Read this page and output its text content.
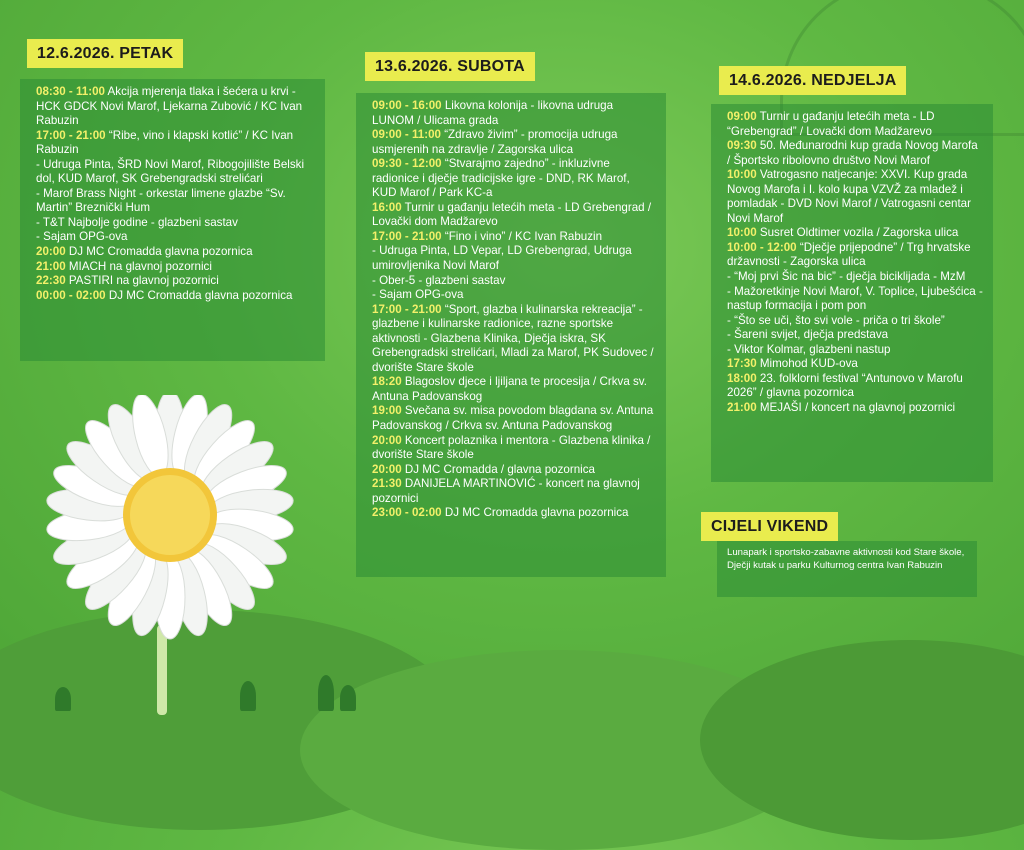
12.6.2026. PETAK

08:30 - 11:00 Akcija mjerenja tlaka i šećera u krvi - HCK GDCK Novi Marof, Ljekarna Zubović / KC Ivan Rabuzin

17:00 - 21:00 “Ribe, vino i klapski kotlić” / KC Ivan Rabuzin

- Udruga Pinta, ŠRD Novi Marof, Ribogojilište Belski dol, KUD Marof, SK Grebengradski strelićari

- Marof Brass Night - orkestar limene glazbe “Sv. Martin” Breznički Hum

- T&T Najbolje godine - glazbeni sastav

- Sajam OPG-ova

20:00 DJ MC Cromadda glavna pozornica

21:00 MIACH na glavnoj pozornici

22:30 PASTIRI na glavnoj pozornici

00:00 - 02:00 DJ MC Cromadda glavna pozornica

13.6.2026. SUBOTA

09:00 - 16:00 Likovna kolonija - likovna udruga LUNOM / Ulicama grada

09:00 - 11:00 “Zdravo živim” - promocija udruga usmjerenih na zdravlje / Zagorska ulica

09:30 - 12:00 “Stvarajmo zajedno” - inkluzivne radionice i dječje tradicijske igre - DND, RK Marof, KUD Marof / Park KC-a

16:00 Turnir u gađanju letećih meta - LD Grebengrad / Lovački dom Madžarevo

17:00 - 21:00 “Fino i vino” / KC Ivan Rabuzin

- Udruga Pinta, LD Vepar, LD Grebengrad, Udruga umirovljenika Novi Marof

- Ober-5 - glazbeni sastav

- Sajam OPG-ova

17:00 - 21:00 “Sport, glazba i kulinarska rekreacija” - glazbene i kulinarske radionice, razne sportske aktivnosti - Glazbena Klinika, Dječja iskra, SK Grebengradski strelićari, Mladi za Marof, PK Sudovec / dvorište Stare škole

18:20 Blagoslov djece i ljiljana te procesija / Crkva sv. Antuna Padovanskog

19:00 Svečana sv. misa povodom blagdana sv. Antuna Padovanskog / Crkva sv. Antuna Padovanskog

20:00 Koncert polaznika i mentora - Glazbena klinika / dvorište Stare škole

20:00 DJ MC Cromadda / glavna pozornica

21:30 DANIJELA MARTINOVIĆ - koncert na glavnoj pozornici

23:00 - 02:00 DJ MC Cromadda glavna pozornica

14.6.2026. NEDJELJA

09:00 Turnir u gađanju letećih meta - LD “Grebengrad” / Lovački dom Madžarevo

09:30 50. Međunarodni kup grada Novog Marofa / Športsko ribolovno društvo Novi Marof

10:00 Vatrogasno natjecanje: XXVI. Kup grada Novog Marofa i I. kolo kupa VZVŽ za mladež i pomladak - DVD Novi Marof / Vatrogasni centar Novi Marof

10:00 Susret Oldtimer vozila / Zagorska ulica

10:00 - 12:00 “Dječje prijepodne” / Trg hrvatske državnosti - Zagorska ulica

- “Moj prvi Šic na bic” - dječja biciklijada - MzM

- Mažoretkinje Novi Marof, V. Toplice, Ljubešćica - nastup formacija i pom pon

- “Što se uči, što svi vole - priča o tri škole”

- Šareni svijet, dječja predstava

- Viktor Kolmar, glazbeni nastup

17:30 Mimohod KUD-ova

18:00 23. folklorni festival “Antunovo v Marofu 2026” / glavna pozornica

21:00 MEJAŠI / koncert na glavnoj pozornici

CIJELI VIKEND
Lunapark i sportsko-zabavne aktivnosti kod Stare škole, Dječji kutak u parku Kulturnog centra Ivan Rabuzin
